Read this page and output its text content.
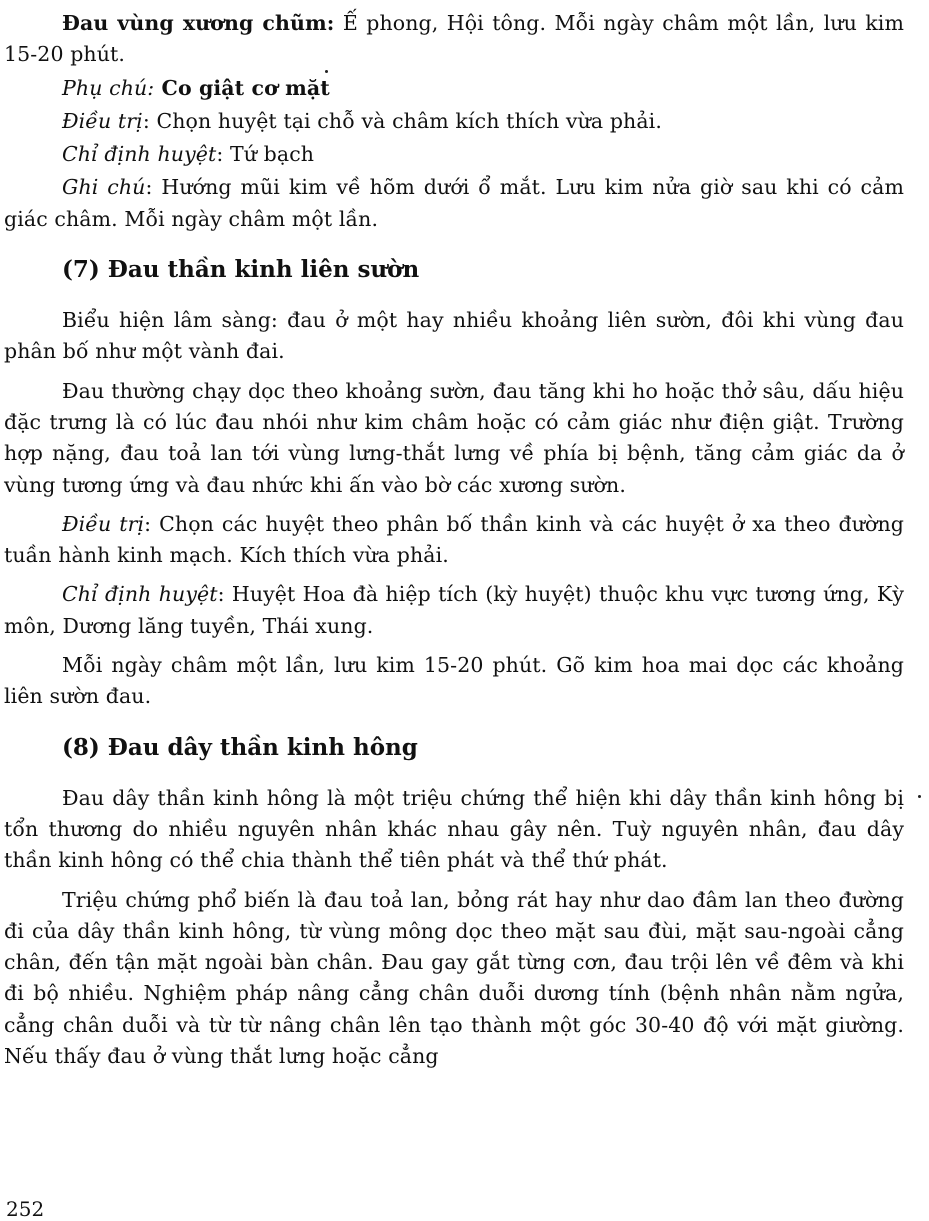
Đau vùng xương chũm: Ế phong, Hội tông. Mỗi ngày châm một lần, lưu kim 15-20 phút.

Phụ chú: Co giật cơ mặt

Điều trị: Chọn huyệt tại chỗ và châm kích thích vừa phải.

Chỉ định huyệt: Tứ bạch

Ghi chú: Hướng mũi kim về hõm dưới ổ mắt. Lưu kim nửa giờ sau khi có cảm giác châm. Mỗi ngày châm một lần.

(7) Đau thần kinh liên sườn

Biểu hiện lâm sàng: đau ở một hay nhiều khoảng liên sườn, đôi khi vùng đau phân bố như một vành đai.

Đau thường chạy dọc theo khoảng sườn, đau tăng khi ho hoặc thở sâu, dấu hiệu đặc trưng là có lúc đau nhói như kim châm hoặc có cảm giác như điện giật. Trường hợp nặng, đau toả lan tới vùng lưng-thắt lưng về phía bị bệnh, tăng cảm giác da ở vùng tương ứng và đau nhức khi ấn vào bờ các xương sườn.

Điều trị: Chọn các huyệt theo phân bố thần kinh và các huyệt ở xa theo đường tuần hành kinh mạch. Kích thích vừa phải.

Chỉ định huyệt: Huyệt Hoa đà hiệp tích (kỳ huyệt) thuộc khu vực tương ứng, Kỳ môn, Dương lăng tuyền, Thái xung.

Mỗi ngày châm một lần, lưu kim 15-20 phút. Gõ kim hoa mai dọc các khoảng liên sườn đau.

(8) Đau dây thần kinh hông

Đau dây thần kinh hông là một triệu chứng thể hiện khi dây thần kinh hông bị tổn thương do nhiều nguyên nhân khác nhau gây nên. Tuỳ nguyên nhân, đau dây thần kinh hông có thể chia thành thể tiên phát và thể thứ phát.

Triệu chứng phổ biến là đau toả lan, bỏng rát hay như dao đâm lan theo đường đi của dây thần kinh hông, từ vùng mông dọc theo mặt sau đùi, mặt sau-ngoài cẳng chân, đến tận mặt ngoài bàn chân. Đau gay gắt từng cơn, đau trội lên về đêm và khi đi bộ nhiều. Nghiệm pháp nâng cẳng chân duỗi dương tính (bệnh nhân nằm ngửa, cẳng chân duỗi và từ từ nâng chân lên tạo thành một góc 30-40 độ với mặt giường. Nếu thấy đau ở vùng thắt lưng hoặc cẳng

252
